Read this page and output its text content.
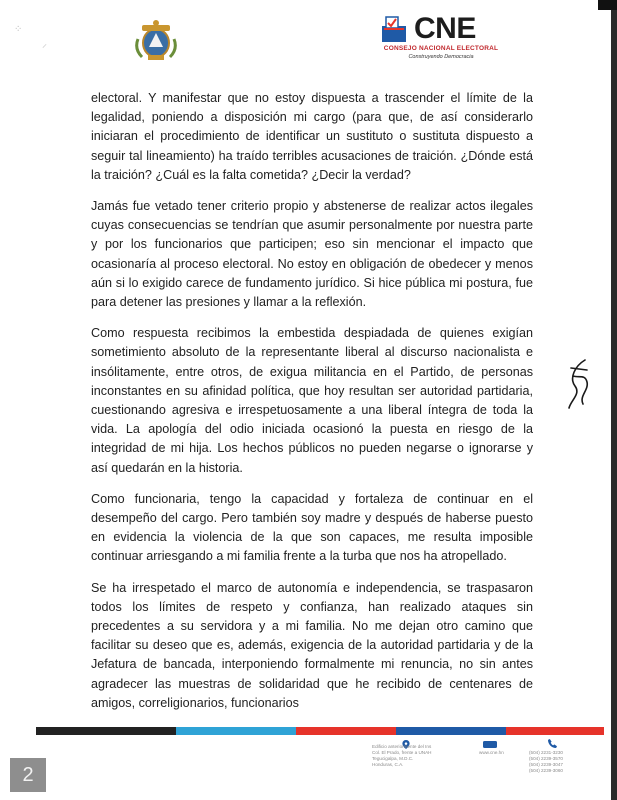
⁘
⸝	CNE
CONSEJO NACIONAL ELECTORAL
Construyendo Democracia

electoral. Y manifestar que no estoy dispuesta a trascender el límite de la legalidad, poniendo a disposición mi cargo (para que, de así considerarlo iniciaran el procedimiento de identificar un sustituto o sustituta dispuesto a seguir tal lineamiento) ha traído terribles acusaciones de traición. ¿Dónde está la traición? ¿Cuál es la falta cometida? ¿Decir la verdad?

Jamás fue vetado tener criterio propio y abstenerse de realizar actos ilegales cuyas consecuencias se tendrían que asumir personalmente por nuestra parte y por los funcionarios que participen; eso sin mencionar el impacto que ocasionaría al proceso electoral. No estoy en obligación de obedecer y menos aún si lo exigido carece de fundamento jurídico. Si hice pública mi postura, fue para detener las presiones y llamar a la reflexión.

Como respuesta recibimos la embestida despiadada de quienes exigían sometimiento absoluto de la representante liberal al discurso nacionalista e insólitamente, entre otros, de exigua militancia en el Partido, de personas inconstantes en su afinidad política, que hoy resultan ser autoridad partidaria, cuestionando agresiva e irrespetuosamente a una liberal íntegra de toda la vida. La apología del odio iniciada ocasionó la puesta en riesgo de la integridad de mi hija. Los hechos públicos no pueden negarse o ignorarse y así quedarán en la historia.

Como funcionaria, tengo la capacidad y fortaleza de continuar en el desempeño del cargo. Pero también soy madre y después de haberse puesto en evidencia la violencia de la que son capaces, me resulta imposible continuar arriesgando a mi familia frente a la turba que nos ha atropellado.

Se ha irrespetado el marco de autonomía e independencia, se traspasaron todos los límites de respeto y confianza, han realizado ataques sin precedentes a su servidora y a mi familia. No me dejan otro camino que facilitar su deseo que es, además, exigencia de la autoridad partidaria y de la Jefatura de bancada, interponiendo formalmente mi renuncia, no sin antes agradecer las muestras de solidaridad que he recibido de centenares de amigos, correligionarios, funcionarios

Edificio anteriormente del Ins
Col. El Prado, frente a UNAH
Tegucigalpa, M.D.C.
Honduras, C.A.
www.cne.hn	(504) 2231-3230
(504) 2239-3570
(504) 2239-3047
(504) 2239-3060
2
